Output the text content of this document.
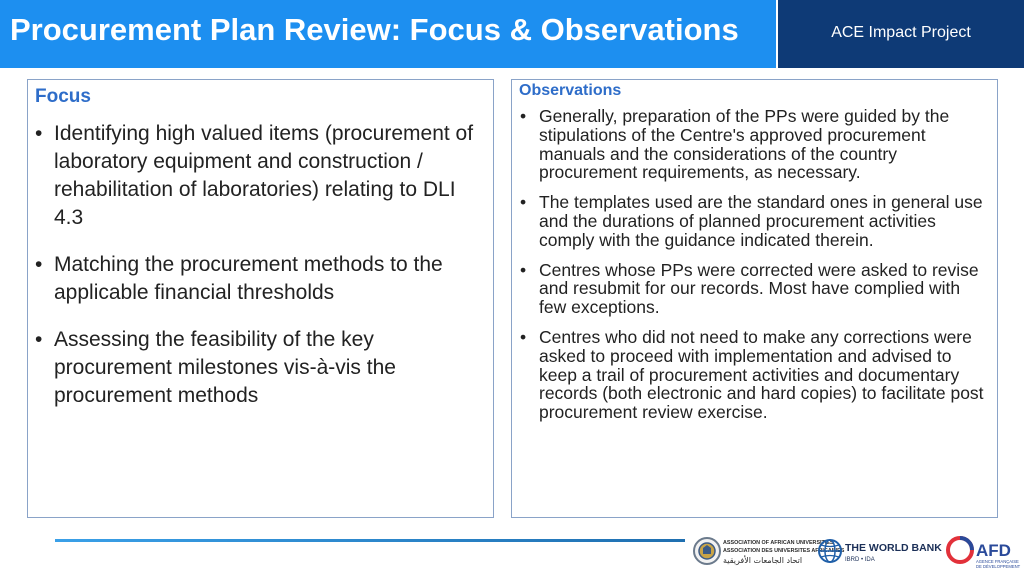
Procurement Plan Review: Focus & Observations	ACE Impact Project
Focus
• Identifying high valued items (procurement of laboratory equipment and construction / rehabilitation of laboratories) relating to DLI 4.3
• Matching the procurement methods to the applicable financial thresholds
• Assessing the feasibility of the key procurement milestones vis-à-vis the procurement methods
Observations
• Generally, preparation of the PPs were guided by the stipulations of the Centre's approved procurement manuals and the considerations of the country procurement requirements, as necessary.
• The templates used are the standard ones in general use and the durations of planned procurement activities comply with the guidance indicated therein.
• Centres whose PPs were corrected were asked to revise and resubmit for our records. Most have complied with few exceptions.
• Centres who did not need to make any corrections were asked to proceed with implementation and advised to keep a trail of procurement activities and documentary records (both electronic and hard copies) to facilitate post procurement review exercise.
ASSOCIATION OF AFRICAN UNIVERSITIES
ASSOCIATION DES UNIVERSITES AFRICAINES
اتحاد الجامعات الأفريقية
THE WORLD BANK
IBRD • IDA	AFD
AGENCE FRANÇAISE
DE DÉVELOPPEMENT
